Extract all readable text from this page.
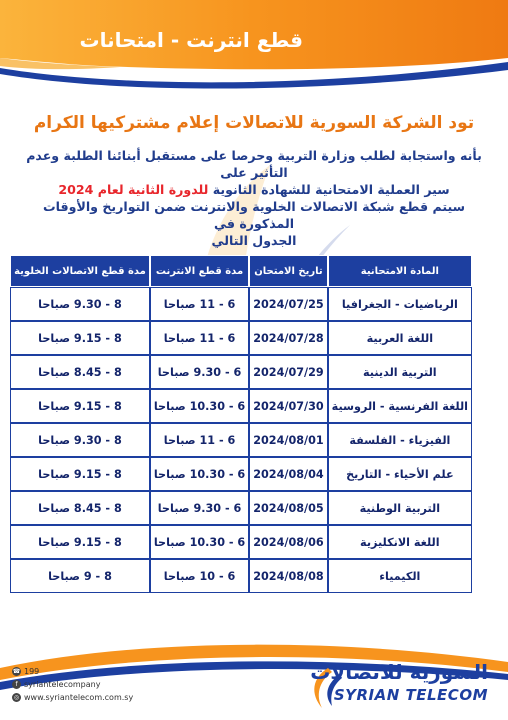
قطع انترنت - امتحانات
تود الشركة السورية للاتصالات إعلام مشتركيها الكرام
بأنه واستجابة لطلب وزارة التربية وحرصا على مستقبل أبنائنا الطلبة وعدم التأثير على
سير العملية الامتحانية للشهادة الثانوية للدورة الثانية لعام 2024
سيتم قطع شبكة الاتصالات الخلوية والانترنت ضمن التواريخ والأوقات المذكورة في
الجدول التالي
المادة الامتحانية	تاريخ الامتحان	مدة قطع الانترنت	مدة قطع الاتصالات الخلوية
الرياضيات - الجغرافيا	2024/07/25	6 - 11 صباحا	8 - 9.30 صباحا
اللغة العربية	2024/07/28	6 - 11 صباحا	8 - 9.15 صباحا
التربية الدينية	2024/07/29	6 - 9.30 صباحا	8 - 8.45 صباحا
اللغة الفرنسية - الروسية	2024/07/30	6 - 10.30 صباحا	8 - 9.15 صباحا
الفيزياء - الفلسفة	2024/08/01	6 - 11 صباحا	8 - 9.30 صباحا
علم الأحياء - التاريخ	2024/08/04	6 - 10.30 صباحا	8 - 9.15 صباحا
التربية الوطنية	2024/08/05	6 - 9.30 صباحا	8 - 8.45 صباحا
اللغة الانكليزية	2024/08/06	6 - 10.30 صباحا	8 - 9.15 صباحا
الكيمياء	2024/08/08	6 - 10 صباحا	8 - 9 صباحا
☎ 199
f syriantelecompany
◎ www.syriantelecom.com.sy
السورية للاتصالات
SYRIAN TELECOM
